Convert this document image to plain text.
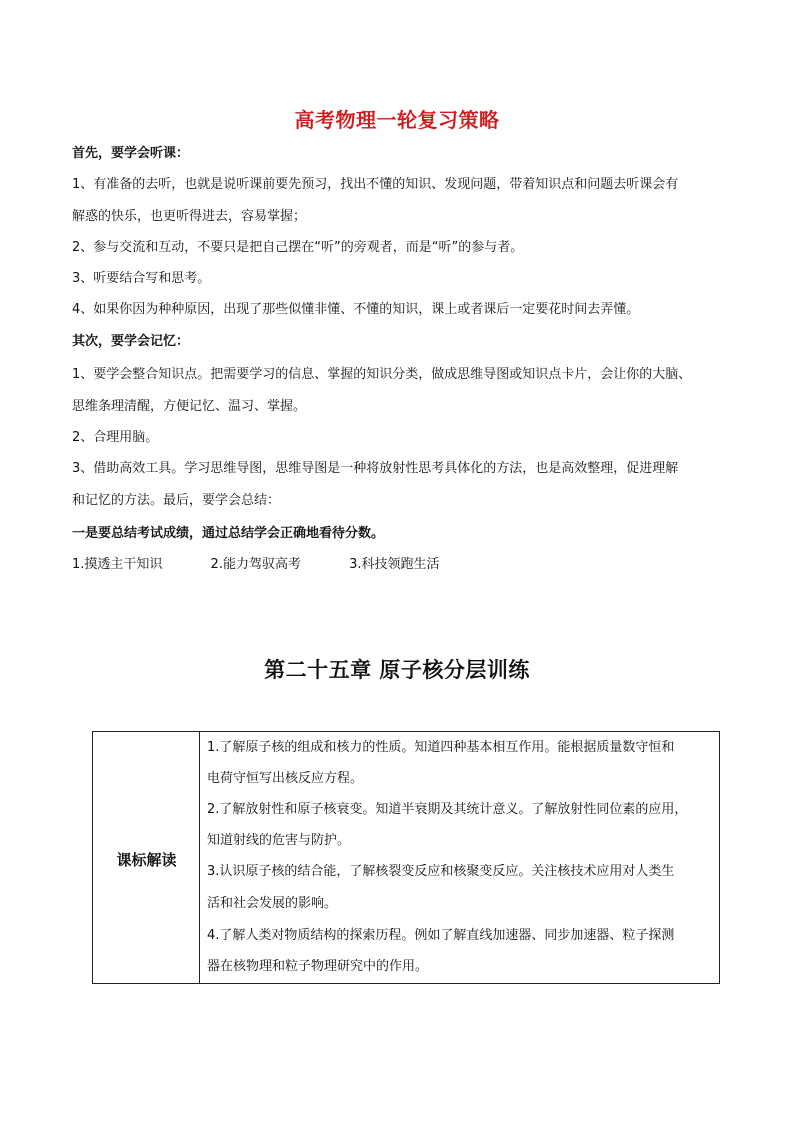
高考物理一轮复习策略
首先，要学会听课：
1、有准备的去听，也就是说听课前要先预习，找出不懂的知识、发现问题，带着知识点和问题去听课会有
解惑的快乐，也更听得进去，容易掌握；
2、参与交流和互动，不要只是把自己摆在“听”的旁观者，而是“听”的参与者。
3、听要结合写和思考。
4、如果你因为种种原因，出现了那些似懂非懂、不懂的知识，课上或者课后一定要花时间去弄懂。
其次，要学会记忆：
1、要学会整合知识点。把需要学习的信息、掌握的知识分类，做成思维导图或知识点卡片，会让你的大脑、
思维条理清醒，方便记忆、温习、掌握。
2、合理用脑。
3、借助高效工具。学习思维导图，思维导图是一种将放射性思考具体化的方法，也是高效整理，促进理解
和记忆的方法。最后，要学会总结：
一是要总结考试成绩，通过总结学会正确地看待分数。
1.摸透主干知识	2.能力驾驭高考	3.科技领跑生活
第二十五章 原子核分层训练
课标解读
1.了解原子核的组成和核力的性质。知道四种基本相互作用。能根据质量数守恒和
电荷守恒写出核反应方程。
2.了解放射性和原子核衰变。知道半衰期及其统计意义。了解放射性同位素的应用，
知道射线的危害与防护。
3.认识原子核的结合能，了解核裂变反应和核聚变反应。关注核技术应用对人类生
活和社会发展的影响。
4.了解人类对物质结构的探索历程。例如了解直线加速器、同步加速器、粒子探测
器在核物理和粒子物理研究中的作用。
